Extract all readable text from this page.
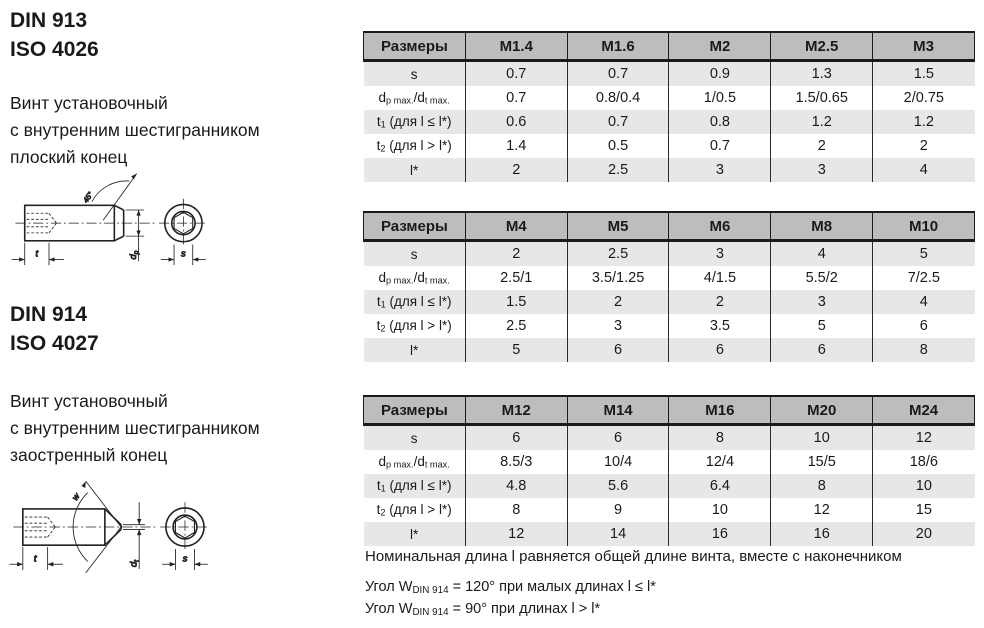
DIN 913
ISO 4026
Винт установочный
с внутренним шестигранником
плоский конец
45°
t	$d_p$	s
DIN 914
ISO 4027
Винт установочный
с внутренним шестигранником
заостренный конец
w
t
$d_t$	s
Размеры	M1.4	M1.6	M2	M2.5	M3
s	0.7	0.7	0.9	1.3	1.5
dp max./dt max.	0.7	0.8/0.4	1/0.5	1.5/0.65	2/0.75
t1 (для l ≤ l*)	0.6	0.7	0.8	1.2	1.2
t2 (для l > l*)	1.4	0.5	0.7	2	2
l*	2	2.5	3	3	4
Размеры	M4	M5	M6	M8	M10
s	2	2.5	3	4	5
dp max./dt max.	2.5/1	3.5/1.25	4/1.5	5.5/2	7/2.5
t1 (для l ≤ l*)	1.5	2	2	3	4
t2 (для l > l*)	2.5	3	3.5	5	6
l*	5	6	6	6	8
Размеры	M12	M14	M16	M20	M24
s	6	6	8	10	12
dp max./dt max.	8.5/3	10/4	12/4	15/5	18/6
t1 (для l ≤ l*)	4.8	5.6	6.4	8	10
t2 (для l > l*)	8	9	10	12	15
l*	12	14	16	16	20
Номинальная длина l равняется общей длине винта, вместе с наконечником
Угол WDIN 914 = 120° при малых длинах l ≤ l*
Угол WDIN 914 = 90° при длинах l > l*
